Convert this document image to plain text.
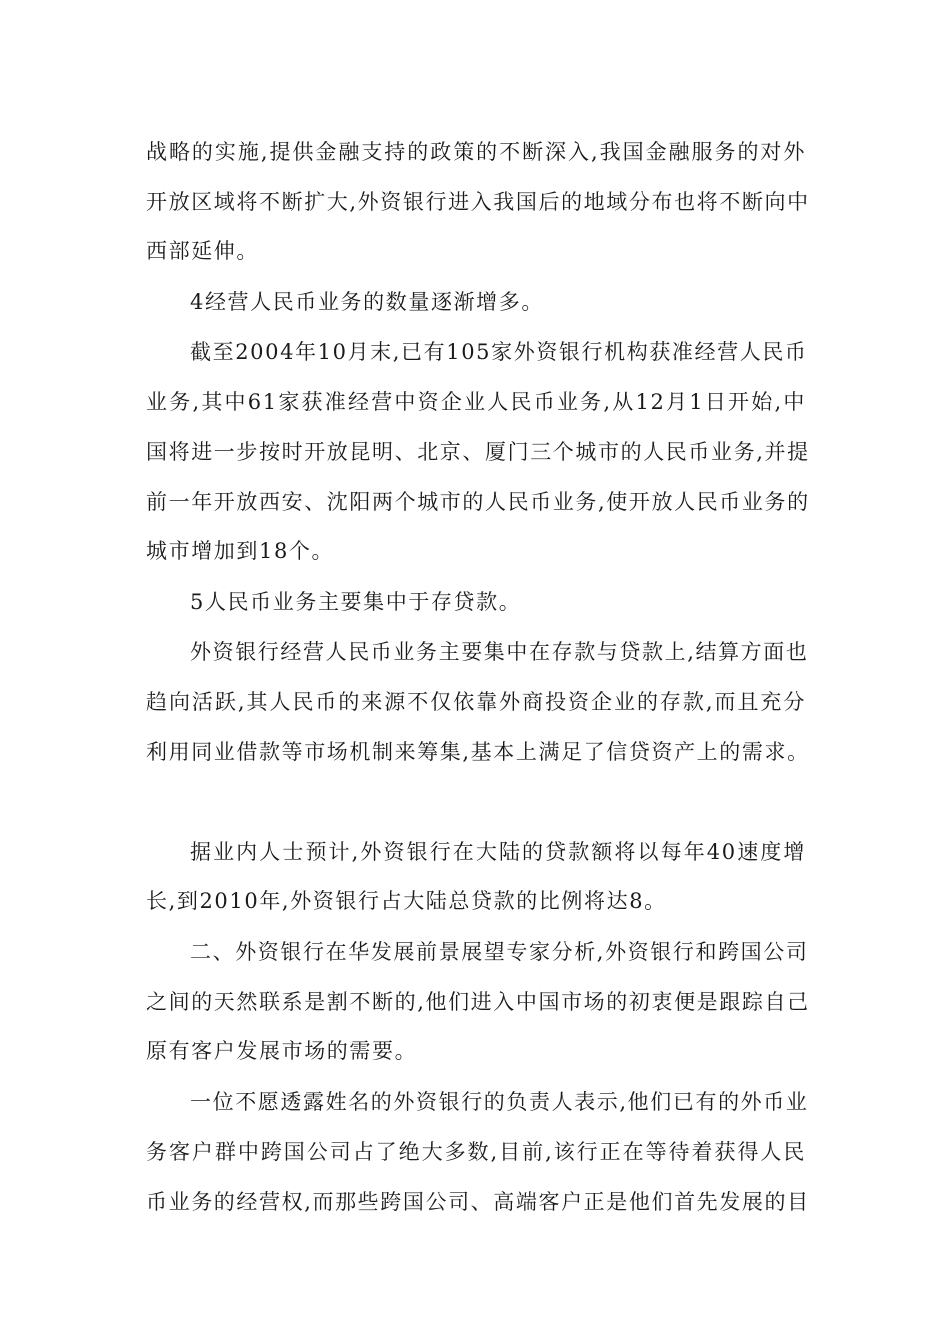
战略的实施,提供金融支持的政策的不断深入,我国金融服务的对外
开放区域将不断扩大,外资银行进入我国后的地域分布也将不断向中
西部延伸。
4经营人民币业务的数量逐渐增多。
截至2004年10月末,已有105家外资银行机构获准经营人民币
业务,其中61家获准经营中资企业人民币业务,从12月1日开始,中
国将进一步按时开放昆明、北京、厦门三个城市的人民币业务,并提
前一年开放西安、沈阳两个城市的人民币业务,使开放人民币业务的
城市增加到18个。
5人民币业务主要集中于存贷款。
外资银行经营人民币业务主要集中在存款与贷款上,结算方面也
趋向活跃,其人民币的来源不仅依靠外商投资企业的存款,而且充分
利用同业借款等市场机制来筹集,基本上满足了信贷资产上的需求。
据业内人士预计,外资银行在大陆的贷款额将以每年40速度增
长,到2010年,外资银行占大陆总贷款的比例将达8。
二、外资银行在华发展前景展望专家分析,外资银行和跨国公司
之间的天然联系是割不断的,他们进入中国市场的初衷便是跟踪自己
原有客户发展市场的需要。
一位不愿透露姓名的外资银行的负责人表示,他们已有的外币业
务客户群中跨国公司占了绝大多数,目前,该行正在等待着获得人民
币业务的经营权,而那些跨国公司、高端客户正是他们首先发展的目
